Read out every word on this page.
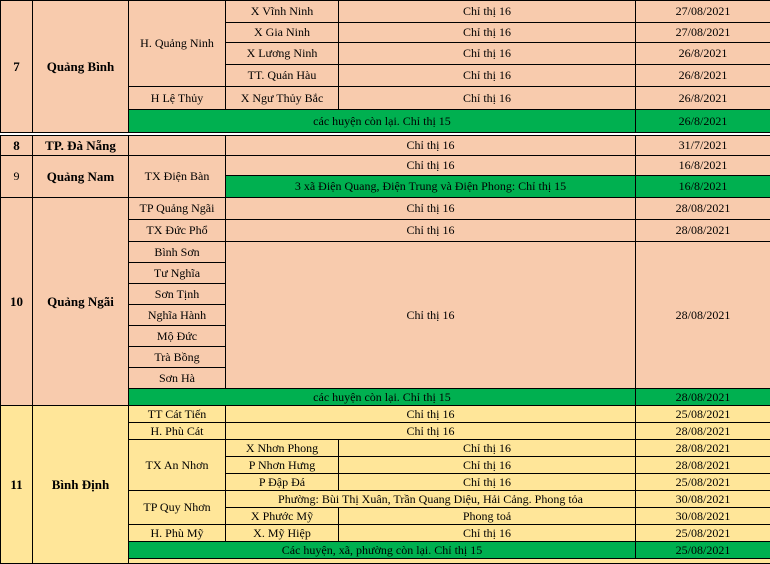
7	Quảng Bình	H. Quảng Ninh	X Vĩnh Ninh	Chỉ thị 16	27/08/2021
			X Gia Ninh	Chỉ thị 16	27/08/2021
			X Lương Ninh	Chỉ thị 16	26/8/2021
			TT. Quán Hàu	Chỉ thị 16	26/8/2021
		H Lệ Thủy	X Ngư Thủy Bắc	Chỉ thị 16	26/8/2021
		các huyện còn lại. Chỉ thị 15			26/8/2021

8	TP. Đà Nẵng		Chỉ thị 16		31/7/2021
9	Quảng Nam	TX Điện Bàn	Chỉ thị 16		16/8/2021
			3 xã Điện Quang, Điện Trung và Điện Phong: Chỉ thị 15		16/8/2021
10	Quảng Ngãi	TP Quảng Ngãi	Chỉ thị 16		28/08/2021
		TX Đức Phổ	Chỉ thị 16		28/08/2021
		Bình Sơn	Chỉ thị 16		28/08/2021
		Tư Nghĩa			
		Sơn Tịnh			
		Nghĩa Hành			
		Mộ Đức			
		Trà Bồng			
		Sơn Hà			
		các huyện còn lại. Chỉ thị 15			28/08/2021
11	Bình Định	TT Cát Tiến	Chỉ thị 16		25/08/2021
		H. Phù Cát	Chỉ thị 16		28/08/2021
		TX An Nhơn	X Nhơn Phong	Chỉ thị 16	28/08/2021
			P Nhơn Hưng	Chỉ thị 16	28/08/2021
			P Đập Đá	Chỉ thị 16	25/08/2021
		TP Quy Nhơn	Phường: Bùi Thị Xuân, Trần Quang Diệu, Hải Cảng. Phong tỏa		30/08/2021
			X Phước Mỹ	Phong toả	30/08/2021
		H. Phù Mỹ	X. Mỹ Hiệp	Chỉ thị 16	25/08/2021
		Các huyện, xã, phường còn lại. Chỉ thị 15			25/08/2021
